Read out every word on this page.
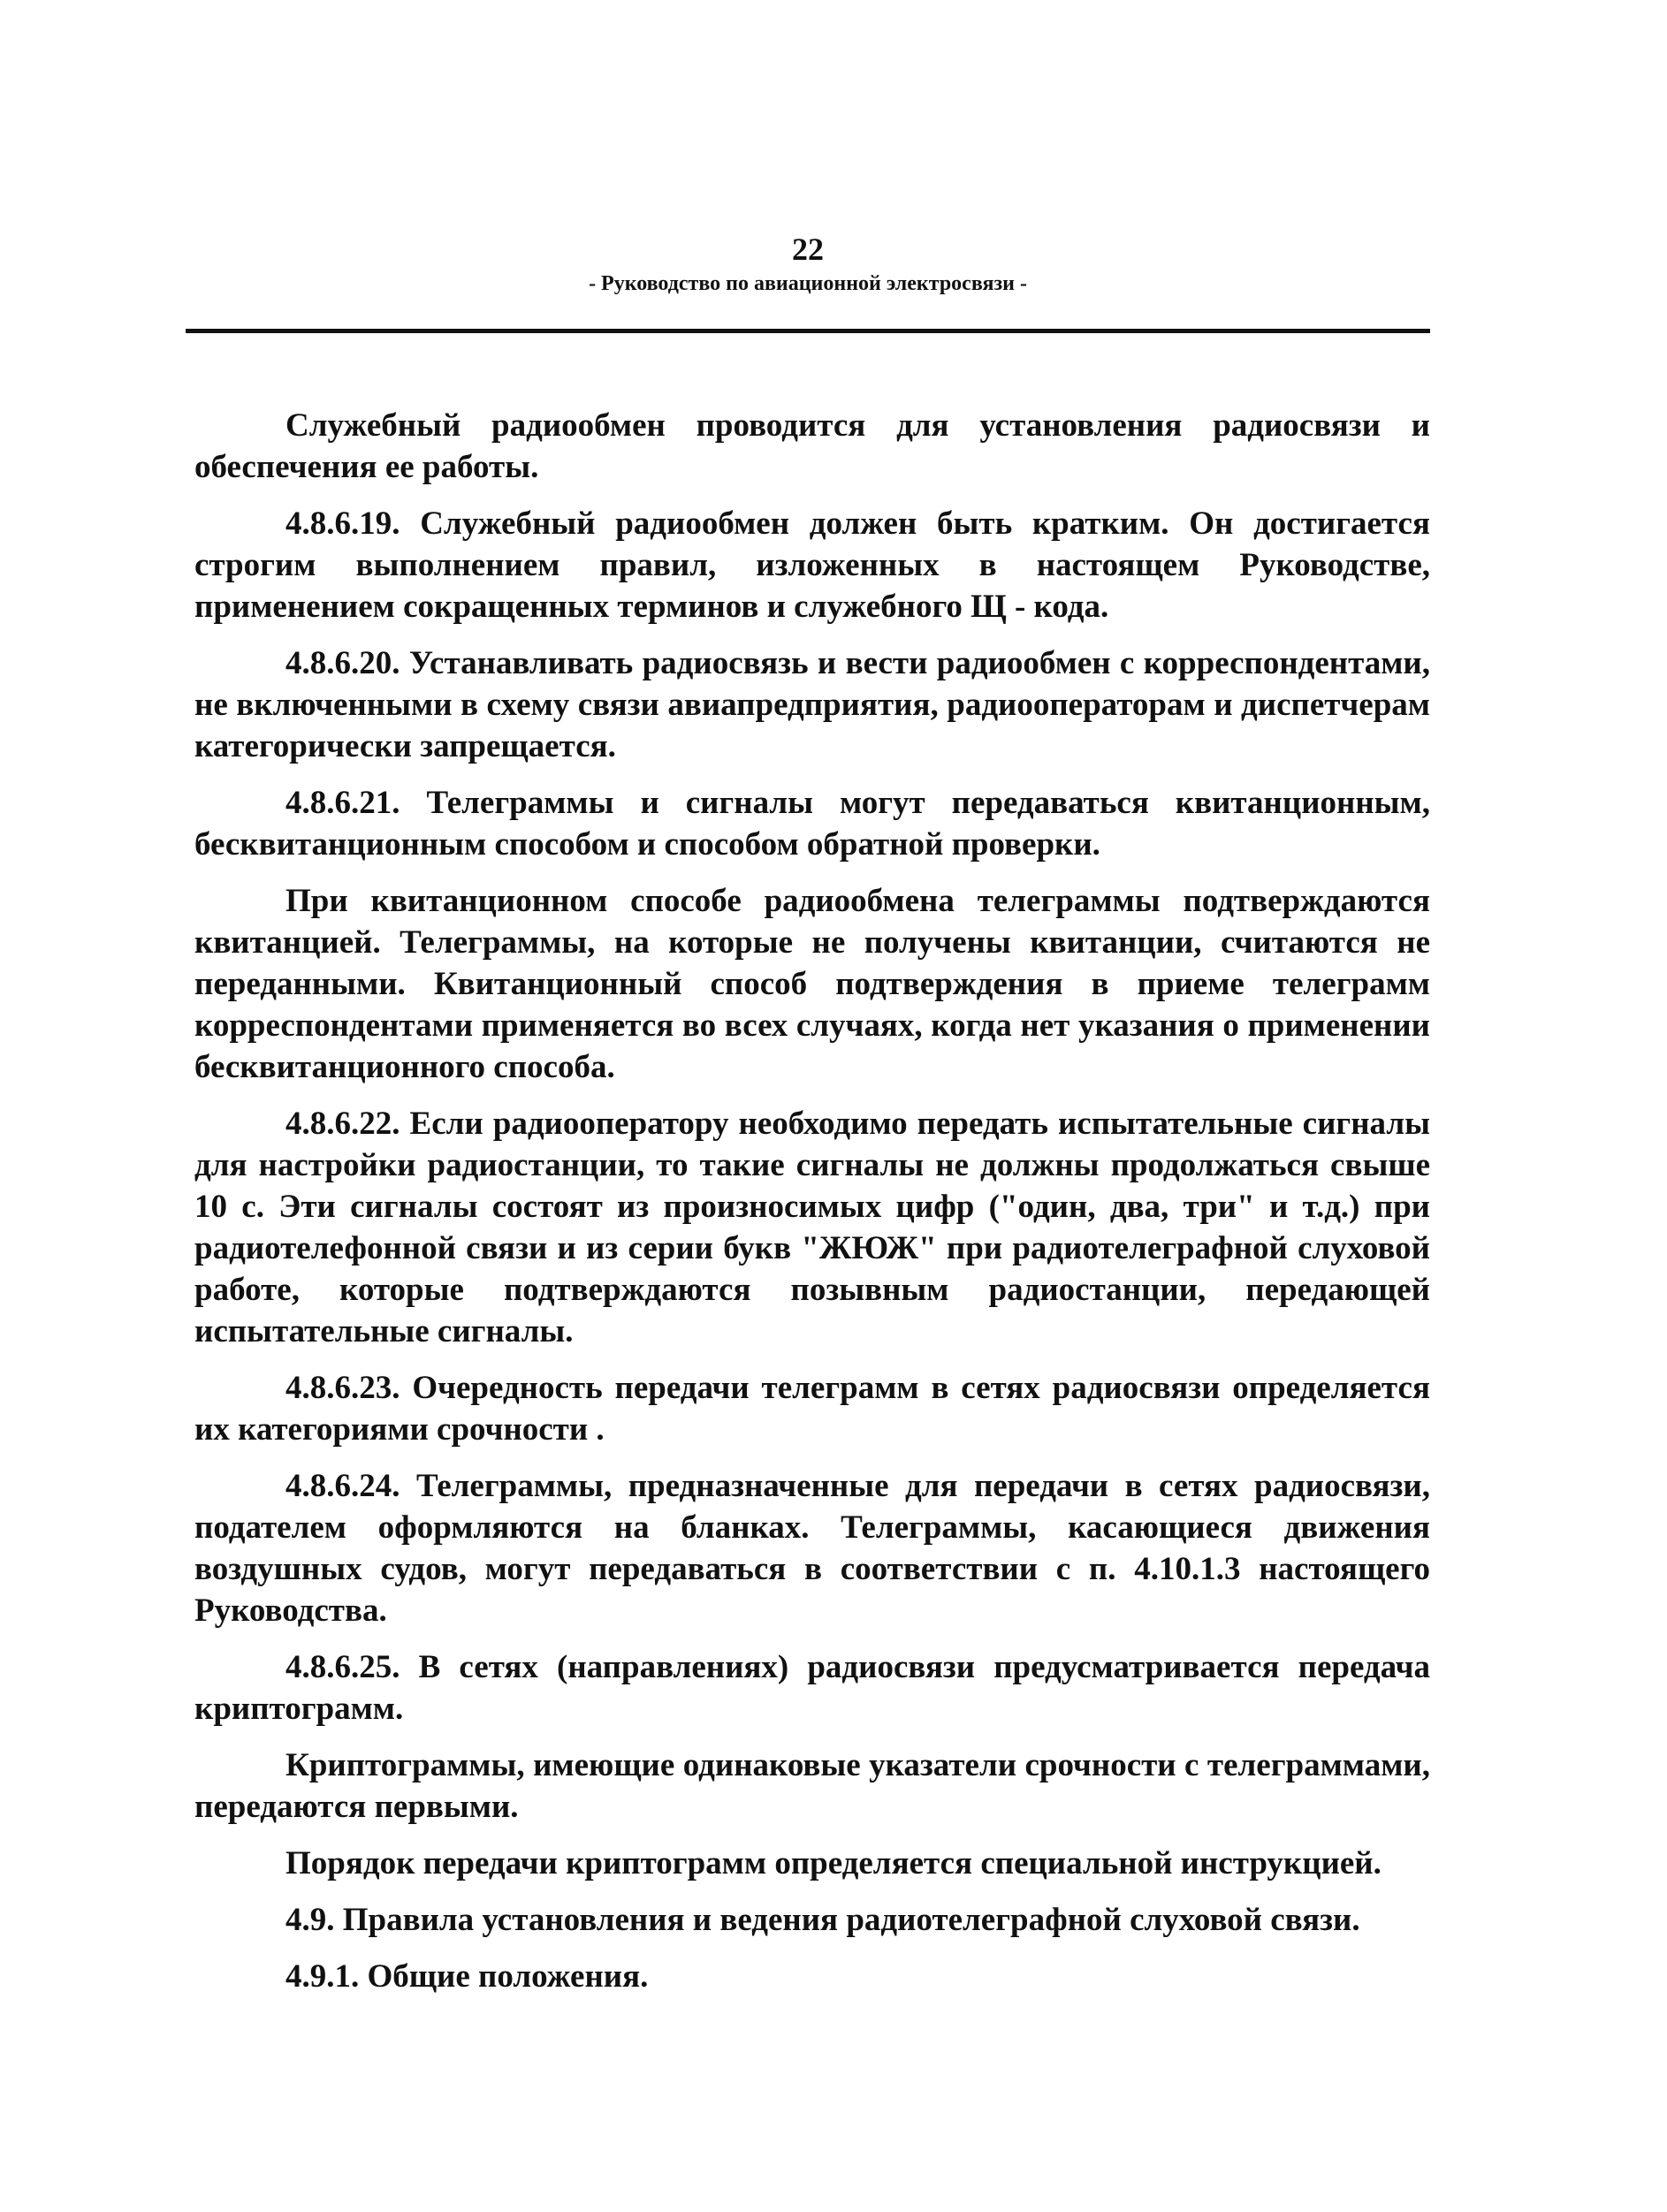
22
- Руководство по авиационной электросвязи -

Служебный радиообмен проводится для установления радиосвязи и обеспечения ее работы.

4.8.6.19. Служебный радиообмен должен быть кратким. Он достигается строгим выполнением правил, изложенных в настоящем Руководстве, применением сокращенных терминов и служебного Щ - кода.

4.8.6.20. Устанавливать радиосвязь и вести радиообмен с корреспондентами, не включенными в схему связи авиапредприятия, радиооператорам и диспетчерам категорически запрещается.

4.8.6.21. Телеграммы и сигналы могут передаваться квитанционным, бесквитанционным способом и способом обратной проверки.

При квитанционном способе радиообмена телеграммы подтверждаются квитанцией. Телеграммы, на которые не получены квитанции, считаются не переданными. Квитанционный способ подтверждения в приеме телеграмм корреспондентами применяется во всех случаях, когда нет указания о применении бесквитанционного способа.

4.8.6.22. Если радиооператору необходимо передать испытательные сигналы для настройки радиостанции, то такие сигналы не должны продолжаться свыше 10 с. Эти сигналы состоят из произносимых цифр ("один, два, три" и т.д.) при радиотелефонной связи и из серии букв "ЖЮЖ" при радиотелеграфной слуховой работе, которые подтверждаются позывным радиостанции, передающей испытательные сигналы.

4.8.6.23. Очередность передачи телеграмм в сетях радиосвязи определяется их категориями срочности .

4.8.6.24. Телеграммы, предназначенные для передачи в сетях радиосвязи, подателем оформляются на бланках. Телеграммы, касающиеся движения воздушных судов, могут передаваться в соответствии с п. 4.10.1.3 настоящего Руководства.

4.8.6.25. В сетях (направлениях) радиосвязи предусматривается передача криптограмм.

Криптограммы, имеющие одинаковые указатели срочности с телеграммами, передаются первыми.

Порядок передачи криптограмм определяется специальной инструкцией.

4.9. Правила установления и ведения радиотелеграфной слуховой связи.

4.9.1. Общие положения.
